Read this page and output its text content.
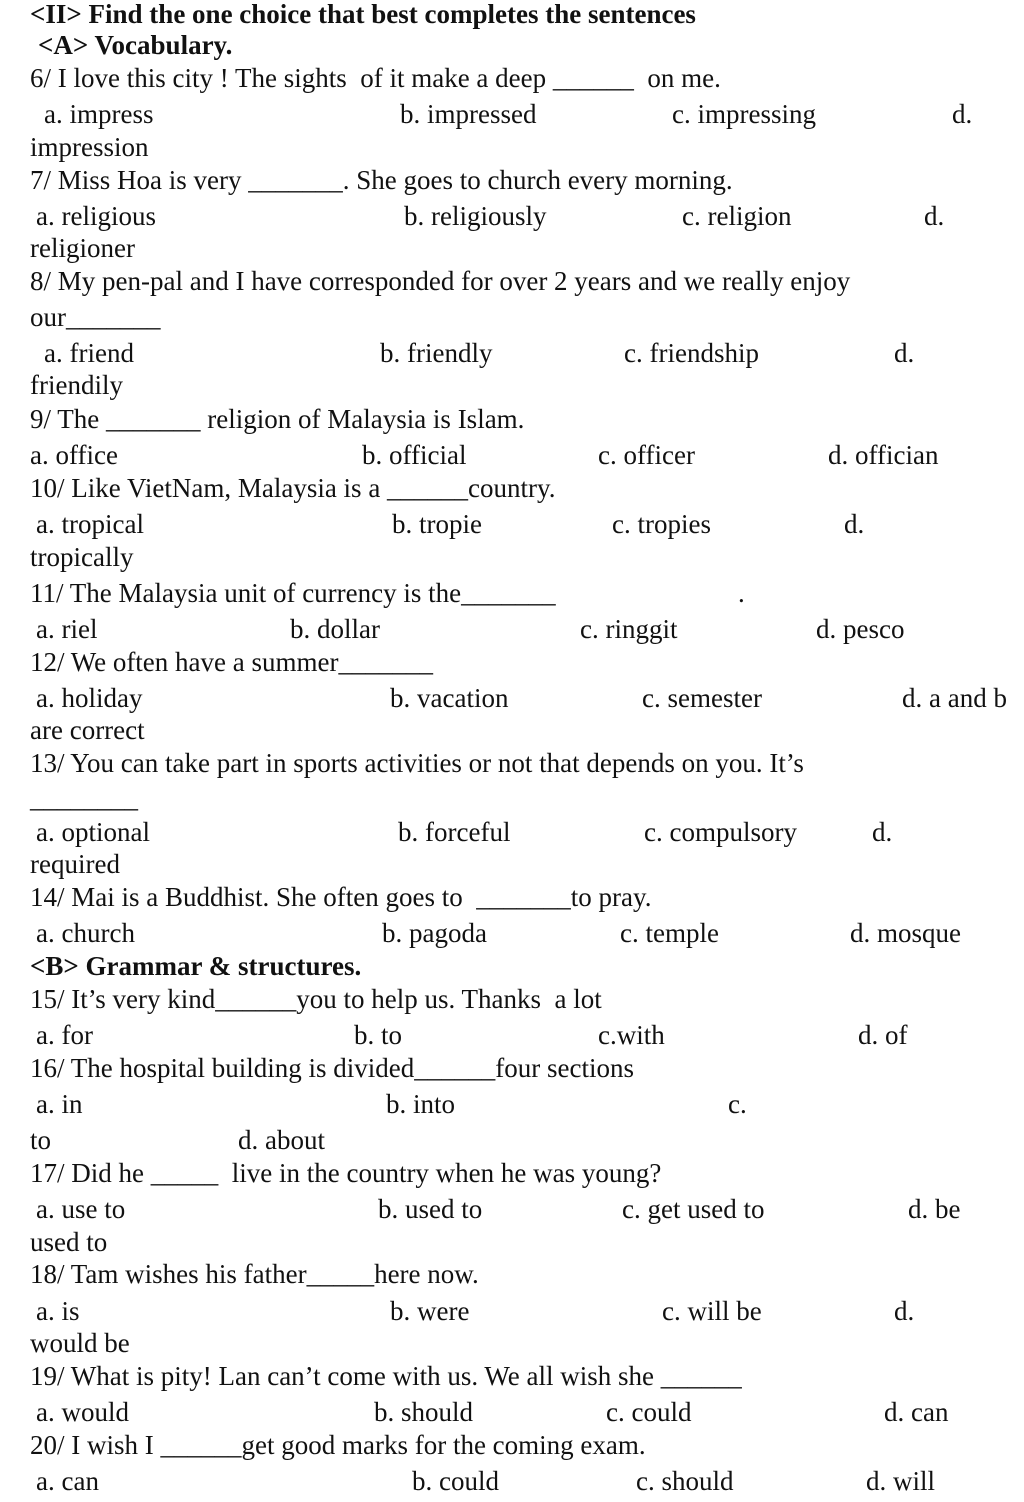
<II> Find the one choice that best completes the sentences
<A> Vocabulary.
6/ I love this city ! The sights  of it make a deep ______  on me.
a. impress	b. impressed	c. impressing	d.
impression
7/ Miss Hoa is very _______. She goes to church every morning.
a. religious	b. religiously	c. religion	d.
religioner
8/ My pen-pal and I have corresponded for over 2 years and we really enjoy
our_______
a. friend	b. friendly	c. friendship	d.
friendily
9/ The _______ religion of Malaysia is Islam.
a. office	b. official	c. officer	d. offician
10/ Like VietNam, Malaysia is a ______country.
a. tropical	b. tropie	c. tropies	d.
tropically
11/ The Malaysia unit of currency is the_______	.
a. riel	b. dollar	c. ringgit	d. pesco
12/ We often have a summer_______
a. holiday	b. vacation	c. semester	d. a and b
are correct
13/ You can take part in sports activities or not that depends on you. It’s
________
a. optional	b. forceful	c. compulsory	d.
required
14/ Mai is a Buddhist. She often goes to  _______to pray.
a. church	b. pagoda	c. temple	d. mosque
<B> Grammar & structures.
15/ It’s very kind______you to help us. Thanks  a lot
a. for	b. to	c.with	d. of
16/ The hospital building is divided______four sections
a. in	b. into	c.
to	d. about
17/ Did he _____  live in the country when he was young?
a. use to	b. used to	c. get used to	d. be
used to
18/ Tam wishes his father_____here now.
a. is	b. were	c. will be	d.
would be
19/ What is pity! Lan can’t come with us. We all wish she ______
a. would	b. should	c. could	d. can
20/ I wish I ______get good marks for the coming exam.
a. can	b. could	c. should	d. will
